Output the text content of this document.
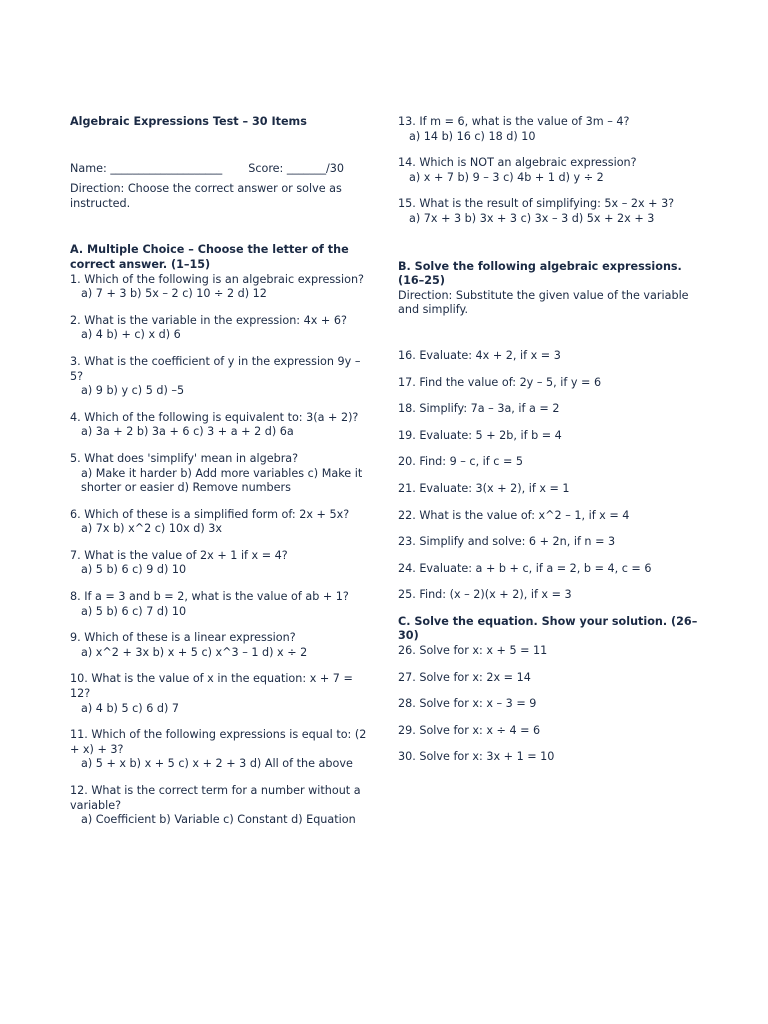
Algebraic Expressions Test – 30 Items
Name: ____________________ Score: _______/30
Direction: Choose the correct answer or solve as instructed.
A. Multiple Choice – Choose the letter of the correct answer. (1–15)
1. Which of the following is an algebraic expression?
a) 7 + 3 b) 5x – 2 c) 10 ÷ 2 d) 12
2. What is the variable in the expression: 4x + 6?
a) 4 b) + c) x d) 6
3. What is the coefficient of y in the expression 9y – 5?
a) 9 b) y c) 5 d) –5
4. Which of the following is equivalent to: 3(a + 2)?
a) 3a + 2 b) 3a + 6 c) 3 + a + 2 d) 6a
5. What does 'simplify' mean in algebra?
a) Make it harder b) Add more variables c) Make it shorter or easier d) Remove numbers
6. Which of these is a simplified form of: 2x + 5x?
a) 7x b) x^2 c) 10x d) 3x
7. What is the value of 2x + 1 if x = 4?
a) 5 b) 6 c) 9 d) 10
8. If a = 3 and b = 2, what is the value of ab + 1?
a) 5 b) 6 c) 7 d) 10
9. Which of these is a linear expression?
a) x^2 + 3x b) x + 5 c) x^3 – 1 d) x ÷ 2
10. What is the value of x in the equation: x + 7 = 12?
a) 4 b) 5 c) 6 d) 7
11. Which of the following expressions is equal to: (2 + x) + 3?
a) 5 + x b) x + 5 c) x + 2 + 3 d) All of the above
12. What is the correct term for a number without a variable?
a) Coefficient b) Variable c) Constant d) Equation
13. If m = 6, what is the value of 3m – 4?
a) 14 b) 16 c) 18 d) 10
14. Which is NOT an algebraic expression?
a) x + 7 b) 9 – 3 c) 4b + 1 d) y ÷ 2
15. What is the result of simplifying: 5x – 2x + 3?
a) 7x + 3 b) 3x + 3 c) 3x – 3 d) 5x + 2x + 3
B. Solve the following algebraic expressions. (16–25)
Direction: Substitute the given value of the variable and simplify.
16. Evaluate: 4x + 2, if x = 3
17. Find the value of: 2y – 5, if y = 6
18. Simplify: 7a – 3a, if a = 2
19. Evaluate: 5 + 2b, if b = 4
20. Find: 9 – c, if c = 5
21. Evaluate: 3(x + 2), if x = 1
22. What is the value of: x^2 – 1, if x = 4
23. Simplify and solve: 6 + 2n, if n = 3
24. Evaluate: a + b + c, if a = 2, b = 4, c = 6
25. Find: (x – 2)(x + 2), if x = 3
C. Solve the equation. Show your solution. (26–30)
26. Solve for x: x + 5 = 11
27. Solve for x: 2x = 14
28. Solve for x: x – 3 = 9
29. Solve for x: x ÷ 4 = 6
30. Solve for x: 3x + 1 = 10
